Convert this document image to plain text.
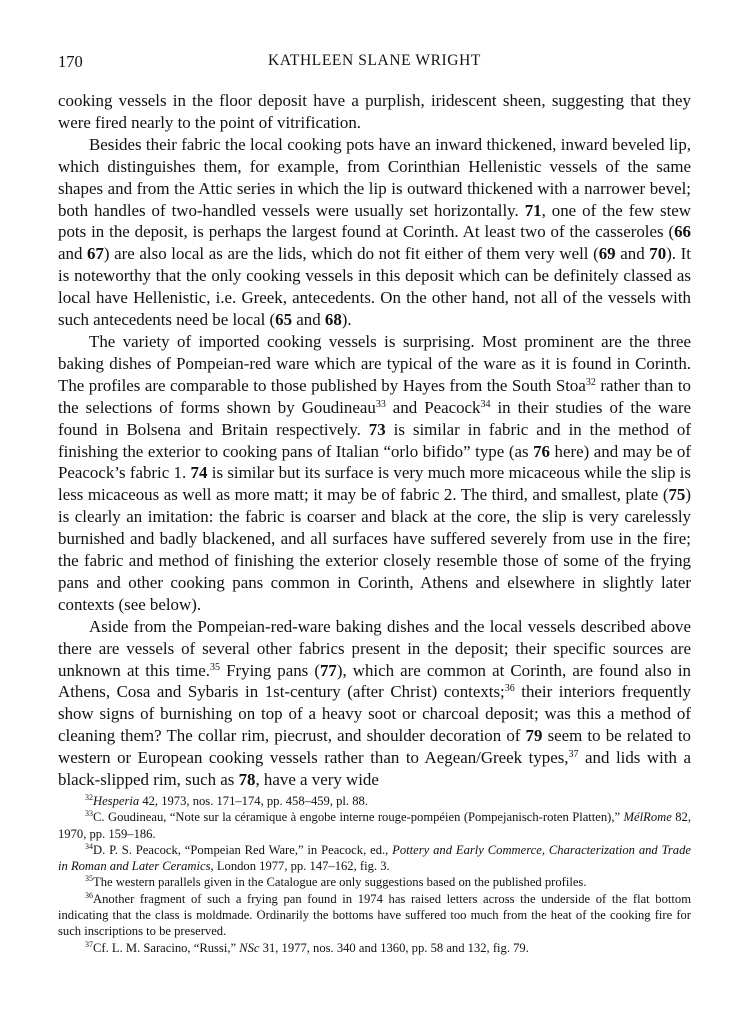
170	KATHLEEN SLANE WRIGHT

cooking vessels in the floor deposit have a purplish, iridescent sheen, suggesting that they were fired nearly to the point of vitrification.

Besides their fabric the local cooking pots have an inward thickened, inward beveled lip, which distinguishes them, for example, from Corinthian Hellenistic vessels of the same shapes and from the Attic series in which the lip is outward thickened with a narrower bevel; both handles of two-handled vessels were usually set horizontally. 71, one of the few stew pots in the deposit, is perhaps the largest found at Corinth. At least two of the casseroles (66 and 67) are also local as are the lids, which do not fit either of them very well (69 and 70). It is noteworthy that the only cooking vessels in this deposit which can be definitely classed as local have Hellenistic, i.e. Greek, antecedents. On the other hand, not all of the vessels with such antecedents need be local (65 and 68).

The variety of imported cooking vessels is surprising. Most prominent are the three baking dishes of Pompeian-red ware which are typical of the ware as it is found in Corinth. The profiles are comparable to those published by Hayes from the South Stoa$^{32}$ rather than to the selections of forms shown by Goudineau$^{33}$ and Peacock$^{34}$ in their studies of the ware found in Bolsena and Britain respectively. 73 is similar in fabric and in the method of finishing the exterior to cooking pans of Italian “orlo bifido” type (as 76 here) and may be of Peacock’s fabric 1. 74 is similar but its surface is very much more micaceous while the slip is less micaceous as well as more matt; it may be of fabric 2. The third, and smallest, plate (75) is clearly an imitation: the fabric is coarser and black at the core, the slip is very carelessly burnished and badly blackened, and all surfaces have suffered severely from use in the fire; the fabric and method of finishing the exterior closely resemble those of some of the frying pans and other cooking pans common in Corinth, Athens and elsewhere in slightly later contexts (see below).

Aside from the Pompeian-red-ware baking dishes and the local vessels described above there are vessels of several other fabrics present in the deposit; their specific sources are unknown at this time.$^{35}$ Frying pans (77), which are common at Corinth, are found also in Athens, Cosa and Sybaris in 1st-century (after Christ) contexts;$^{36}$ their interiors frequently show signs of burnishing on top of a heavy soot or charcoal deposit; was this a method of cleaning them? The collar rim, piecrust, and shoulder decoration of 79 seem to be related to western or European cooking vessels rather than to Aegean/Greek types,$^{37}$ and lids with a black-slipped rim, such as 78, have a very wide

$^{32}$Hesperia 42, 1973, nos. 171–174, pp. 458–459, pl. 88.

$^{33}$C. Goudineau, “Note sur la céramique à engobe interne rouge-pompéien (Pompejanisch-roten Platten),” MélRome 82, 1970, pp. 159–186.

$^{34}$D. P. S. Peacock, “Pompeian Red Ware,” in Peacock, ed., Pottery and Early Commerce, Characterization and Trade in Roman and Later Ceramics, London 1977, pp. 147–162, fig. 3.

$^{35}$The western parallels given in the Catalogue are only suggestions based on the published profiles.

$^{36}$Another fragment of such a frying pan found in 1974 has raised letters across the underside of the flat bottom indicating that the class is moldmade. Ordinarily the bottoms have suffered too much from the heat of the cooking fire for such inscriptions to be preserved.

$^{37}$Cf. L. M. Saracino, “Russi,” NSc 31, 1977, nos. 340 and 1360, pp. 58 and 132, fig. 79.
